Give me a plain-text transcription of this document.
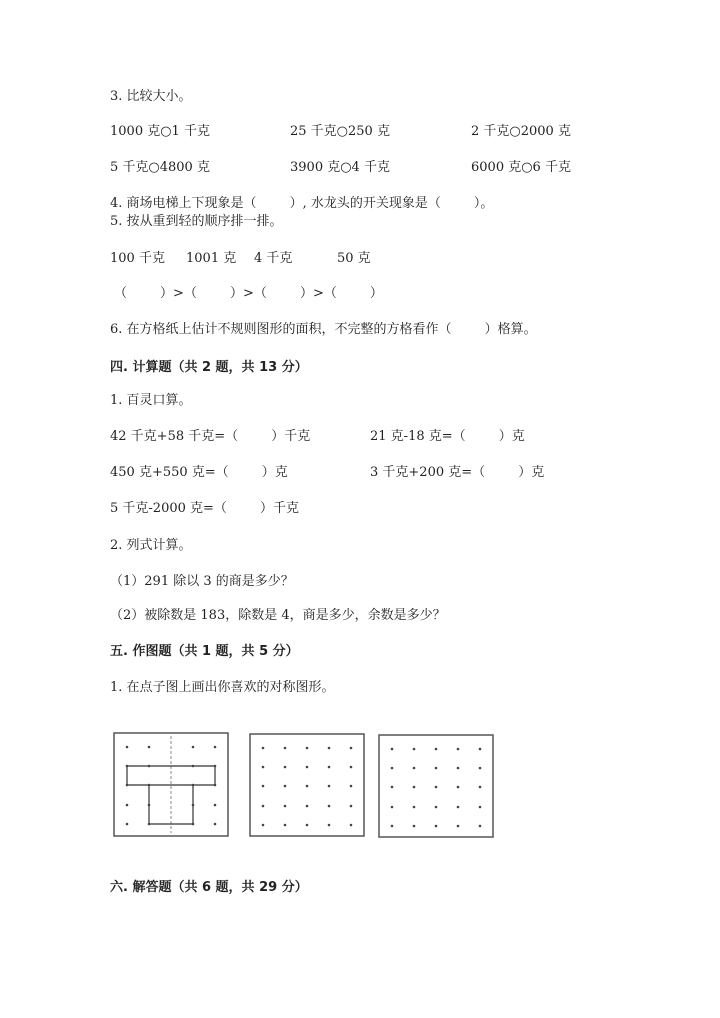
3. 比较大小。
1000 克○1 千克	25 千克○250 克	2 千克○2000 克
5 千克○4800 克	3900 克○4 千克	6000 克○6 千克
4. 商场电梯上下现象是（        ）, 水龙头的开关现象是（        ）。
5. 按从重到轻的顺序排一排。
100 千克 1001 克 4 千克	50 克
（        ）>（        ）>（        ）>（        ）
6. 在方格纸上估计不规则图形的面积，不完整的方格看作（        ）格算。
四. 计算题（共 2 题，共 13 分）
1. 百灵口算。
42 千克+58 千克=（        ）千克	21 克-18 克=（        ）克
450 克+550 克=（        ）克	3 千克+200 克=（        ）克
5 千克-2000 克=（        ）千克
2. 列式计算。
（1）291 除以 3 的商是多少？
（2）被除数是 183，除数是 4，商是多少，余数是多少？
五. 作图题（共 1 题，共 5 分）
1. 在点子图上画出你喜欢的对称图形。
六. 解答题（共 6 题，共 29 分）
